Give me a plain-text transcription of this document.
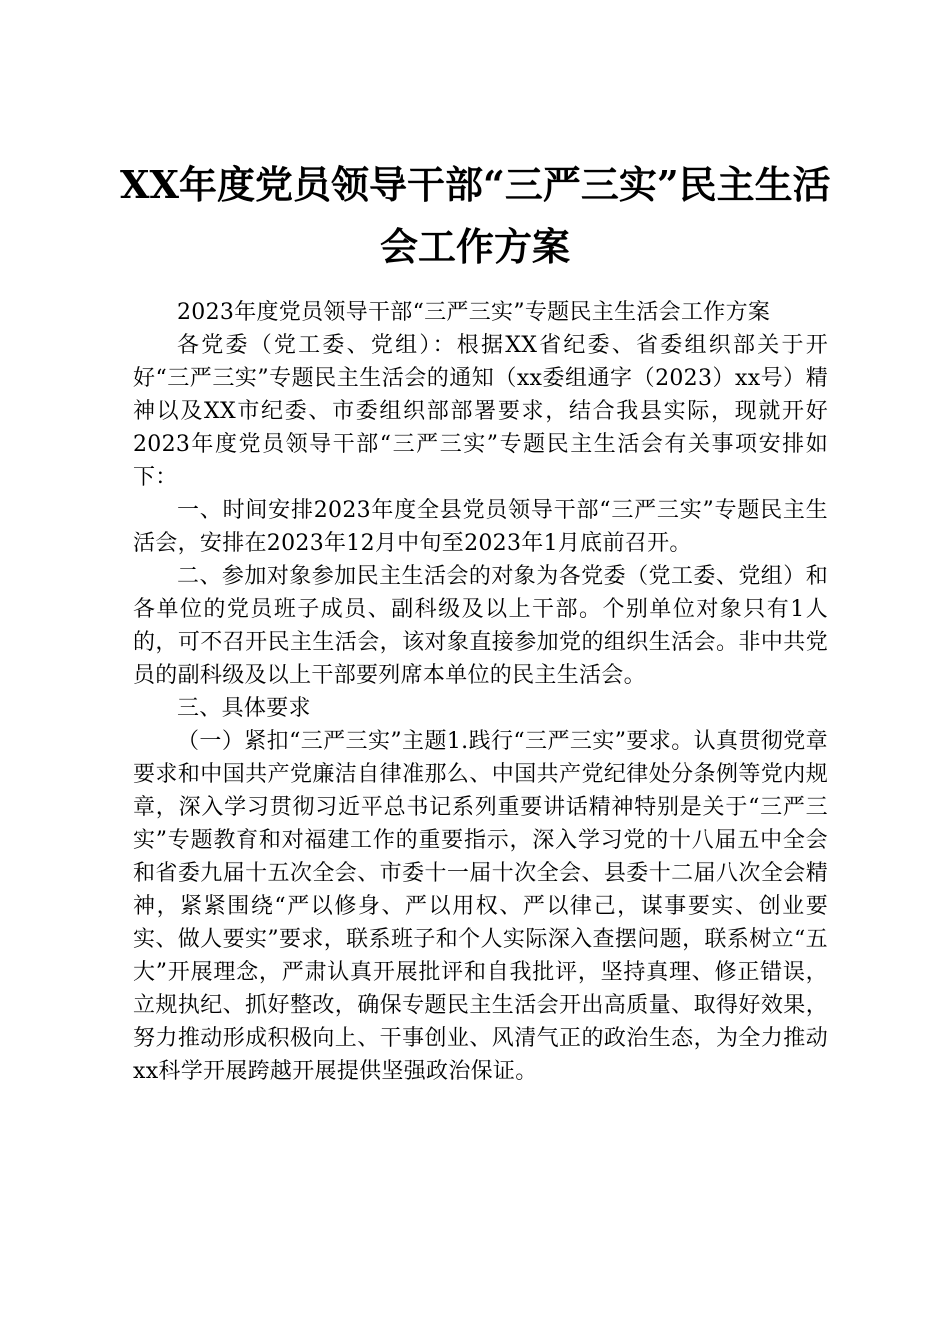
XX年度党员领导干部“三严三实”民主生活
会工作方案

2023年度党员领导干部“三严三实”专题民主生活会工作方案

各党委（党工委、党组）：根据XX省纪委、省委组织部关于开好“三严三实”专题民主生活会的通知（xx委组通字（2023）xx号）精神以及XX市纪委、市委组织部部署要求，结合我县实际，现就开好2023年度党员领导干部“三严三实”专题民主生活会有关事项安排如下：

一、时间安排2023年度全县党员领导干部“三严三实”专题民主生活会，安排在2023年12月中旬至2023年1月底前召开。

二、参加对象参加民主生活会的对象为各党委（党工委、党组）和各单位的党员班子成员、副科级及以上干部。个别单位对象只有1人的，可不召开民主生活会，该对象直接参加党的组织生活会。非中共党员的副科级及以上干部要列席本单位的民主生活会。

三、具体要求

（一）紧扣“三严三实”主题1.践行“三严三实”要求。认真贯彻党章要求和中国共产党廉洁自律准那么、中国共产党纪律处分条例等党内规章，深入学习贯彻习近平总书记系列重要讲话精神特别是关于“三严三实”专题教育和对福建工作的重要指示，深入学习党的十八届五中全会和省委九届十五次全会、市委十一届十次全会、县委十二届八次全会精神，紧紧围绕“严以修身、严以用权、严以律己，谋事要实、创业要实、做人要实”要求，联系班子和个人实际深入查摆问题，联系树立“五大”开展理念，严肃认真开展批评和自我批评，坚持真理、修正错误，立规执纪、抓好整改，确保专题民主生活会开出高质量、取得好效果，努力推动形成积极向上、干事创业、风清气正的政治生态，为全力推动xx科学开展跨越开展提供坚强政治保证。
